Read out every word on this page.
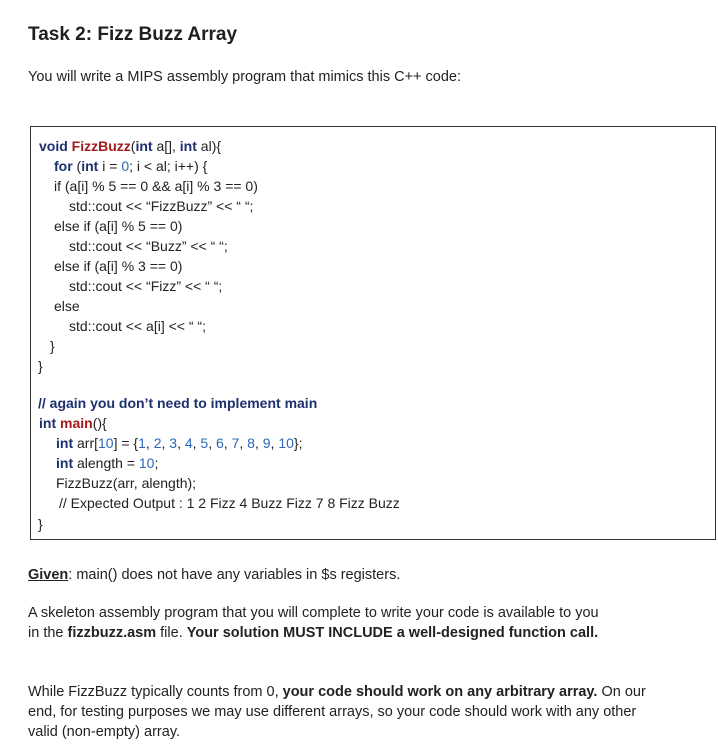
Task 2: Fizz Buzz Array
You will write a MIPS assembly program that mimics this C++ code:
void FizzBuzz(int a[], int al){
for (int i = 0; i < al; i++) {
if (a[i] % 5 == 0 && a[i] % 3 == 0)
std::cout << “FizzBuzz” << “ “;
else if (a[i] % 5 == 0)
std::cout << “Buzz” << “ “;
else if (a[i] % 3 == 0)
std::cout << “Fizz” << “ “;
else
std::cout << a[i] << “ “;
}
}
// again you don’t need to implement main
int main(){
int arr[10] = {1, 2, 3, 4, 5, 6, 7, 8, 9, 10};
int alength = 10;
FizzBuzz(arr, alength);
// Expected Output : 1 2 Fizz 4 Buzz Fizz 7 8 Fizz Buzz
}
Given: main() does not have any variables in $s registers.
A skeleton assembly program that you will complete to write your code is available to you in the fizzbuzz.asm file. Your solution MUST INCLUDE a well-designed function call.
While FizzBuzz typically counts from 0, your code should work on any arbitrary array. On our end, for testing purposes we may use different arrays, so your code should work with any other valid (non-empty) array.
